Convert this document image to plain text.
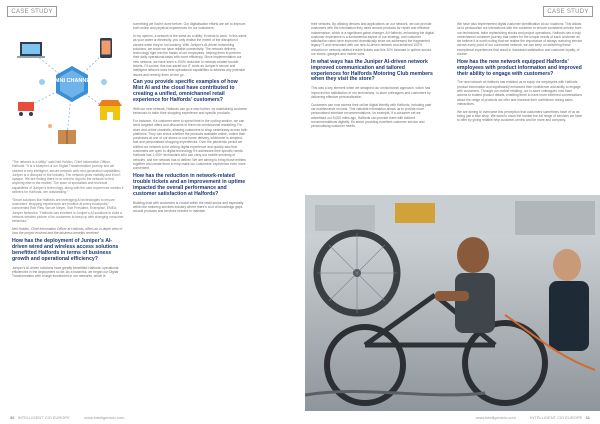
CASE STUDY	CASE STUDY
OMNI CHANNEL

“The network is a utility,” said Neil Holden, Chief Information Officer, Halfords. “It is a blueprint of our Digital Transformation journey and we needed a very intelligent, secure network with next-generation capabilities. Juniper is a disruptor in the industry. The network gives visibility and it isn’t opaque. We are finding there is no need to dig into the network to find anything else in the market. The team of specialists and technical capabilities of Juniper’s technology, along with the user experience metrics it delivers for Halfords, are outstanding.”

“Smart solutions like Halfords are leveraging AI technologies to ensure customers’ shopping experiences are positive at every touchpoint,” commented Rob Flew Van de Meyer, Vice President, Enterprise, EMEA, Juniper Networks. “Halfords has invested in Juniper’s AI solutions to build a network detailed picture of its customers to keep up with changing consumer behaviour.”

Neil Holden, Chief Information Officer at Halfords, offers an in-depth view of how the project evolved and the business benefits received:

How has the deployment of Juniper’s AI-driven wired and wireless access solutions benefitted Halfords in terms of business growth and operational efficiency?

Juniper’s AI-driven solutions have greatly benefitted Halfords’ operational efficiencies in the deployment so far. As a business, we began our Digital Transformation with a large investment in our networks, which is

something we hadn’t done before. Our digitalisation efforts are set to improve both online and physical experiences for our customers.

In my opinion, a network is the same as a utility; it needs to work. In this same as your water or electricity, you only realise the extent of the disruption it causes when they’re not working. With Juniper’s AI-driven networking solutions, we know we have reliable connectivity. The network delivers technology right into the hands of our employees, helping them to perform their daily operational tasks with more efficiency. Since implementation our new network, we have seen a 100% reduction in network-related trouble tickets. Of course, this has saved our IT costs as Juniper’s secure and intelligent network uses best operational capabilities to address any potential issues and remedy them on the go.

Can you provide specific examples of how Mist AI and the cloud have contributed to creating a unified, omnichannel retail experience for Halfords’ customers?

With our new network, Halfords can go a step further, by maintaining customer behaviour to tailor their shopping experience and specific products.

For instance, if a customer were to spend time in the cycling section, we can send targeted offers and discounts to them via omnichannel marketing. For store and online channels, allowing customers to shop seamlessly across both platforms. They can check whether the products available online, collect their purchases at one of our stores or use home delivery, whichever is simplest, fast and personalised shopping experiences. Over the pandemic period we shifted our network to be driving digital experience and quickly saw that customers are open to digital technology if it addresses their specific needs. Halfords has 1,400+ technicians who can carry out mobile servicing of vehicles, and the network has to deliver. We are aiming to bring those entities together and create them to help make our customers’ experience even more convenient.

How has the reduction in network-related trouble tickets and an improvement in uptime impacted the overall performance and customer satisfaction at Halfords?

Building trust with customers is crucial within the retail sector and especially within the motoring services industry where there’s a lot of knowledge gaps around products and services needed to maintain

their vehicles. By utilising devices and applications on our network, we can provide customers with the information they need around products for repair and effective maintenance, which is a significant game-changer. At Halfords, enhancing the digital customer experience is a fundamental aspect of our strategy, and customer satisfaction rates have improved dramatically since we addressed the fragmented legacy IT and renovated with our new AI-driven network and achieved 100% reduction in network-related trouble tickets and this 30% increase in uptime across our stores, garages and mobile vans.

In what ways has the Juniper AI-driven network improved communication and tailored experiences for Halfords Motoring Club members when they visit the store?

This was a key element when we designed our omnichannel approach, which has improved the satisfaction of our technicians, in-store colleagues and customers by delivering effective personalisation.

Customers can now access their online digital identity with Halfords, including past car maintenance records. This valuable information allows us to provide more personalised interface recommendations, for example, if a customer set we advertised our 5,000 miles ago, Halfords can provide them with tailored recommendations digitally. It’s about providing excellent customer service and personalising customer needs.

We have also implemented digital customer identification at our locations. This allows us to personalise our interactions with the customer to ensure consistent service from our technicians, tailor replenishing stocks and project operations. Halfords has a truly omnichannel customer journey that caters for the unique needs of each customer as we believe it is worth noting that we realise the importance of always nurturing service across every point of our connected network, we can keep on delivering these exceptional experiences that result in increased satisfaction and customer loyalty, of course.

How has the new network equipped Halfords’ employees with product information and improved their ability to engage with customers?

The new network at Halfords has enabled us to equip our employees with Halfords product information and significantly enhanced their confidence and ability to engage with customers. Through our mobile retailing, our in-store colleagues now have access to trusted product details, enabling them to have more informed conversations about the range of products we offer and increase their confidence during sales interactions.

We are aiming to overcome this perception that customers sometimes have of us as being just a bike shop. We want to show the market the full range of services we have to offer by giving reliable help customer-centric and be more and company.

30 INTELLIGENT CIO EUROPE	www.intelligentcio.com	www.intelligentcio.com	INTELLIGENT CIO EUROPE 31
